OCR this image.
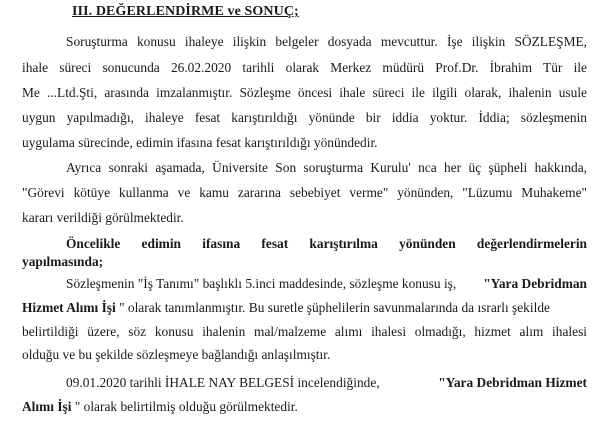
III. DEĞERLENDİRME ve SONUÇ;
Soruşturma konusu ihaleye ilişkin belgeler dosyada mevcuttur. İşe ilişkin SÖZLEŞME,
ihale süreci sonucunda 26.02.2020 tarihli olarak Merkez müdürü Prof.Dr. İbrahim Tür ile
Me ...Ltd.Şti, arasında imzalanmıştır. Sözleşme öncesi ihale süreci ile ilgili olarak, ihalenin usule
uygun yapılmadığı, ihaleye fesat karıştırıldığı yönünde bir iddia yoktur. İddia; sözleşmenin
uygulama sürecinde, edimin ifasına fesat karıştırıldığı yönündedir.
Ayrıca sonraki aşamada, Üniversite Son soruşturma Kurulu' nca her üç şüpheli hakkında,
"Görevi kötüye kullanma ve kamu zararına sebebiyet verme" yönünden, "Lüzumu Muhakeme"
kararı verildiği görülmektedir.
Öncelikle edimin ifasına fesat karıştırılma yönünden değerlendirmelerin
yapılmasında;
Sözleşmenin "İş Tanımı" başlıklı 5.inci maddesinde, sözleşme konusu iş, "Yara Debridman
Hizmet Alımı İşi " olarak tanımlanmıştır. Bu suretle şüphelilerin savunmalarında da ısrarlı şekilde
belirtildiği üzere, söz konusu ihalenin mal/malzeme alımı ihalesi olmadığı, hizmet alım ihalesi
olduğu ve bu şekilde sözleşmeye bağlandığı anlaşılmıştır.
09.01.2020 tarihli İHALE NAY BELGESİ incelendiğinde,	"Yara Debridman Hizmet
Alımı İşi " olarak belirtilmiş olduğu görülmektedir.
